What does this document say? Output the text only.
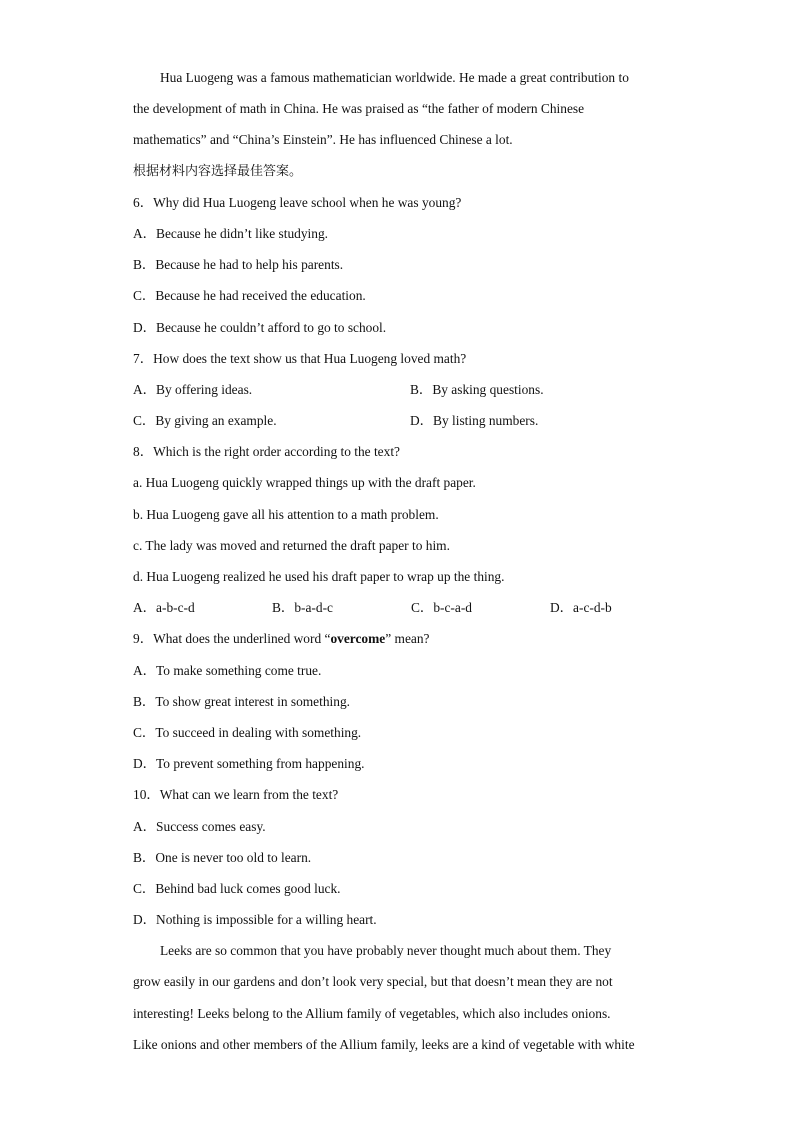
Hua Luogeng was a famous mathematician worldwide. He made a great contribution to
the development of math in China. He was praised as “the father of modern Chinese
mathematics” and “China’s Einstein”. He has influenced Chinese a lot.
根据材料内容选择最佳答案。
6．Why did Hua Luogeng leave school when he was young?
A．Because he didn’t like studying.
B．Because he had to help his parents.
C．Because he had received the education.
D．Because he couldn’t afford to go to school.
7．How does the text show us that Hua Luogeng loved math?
A．By offering ideas.	B．By asking questions.
C．By giving an example.	D．By listing numbers.
8．Which is the right order according to the text?
a. Hua Luogeng quickly wrapped things up with the draft paper.
b. Hua Luogeng gave all his attention to a math problem.
c. The lady was moved and returned the draft paper to him.
d. Hua Luogeng realized he used his draft paper to wrap up the thing.
A．a-b-c-d	B．b-a-d-c	C．b-c-a-d	D．a-c-d-b
9．What does the underlined word “overcome” mean?
A．To make something come true.
B．To show great interest in something.
C．To succeed in dealing with something.
D．To prevent something from happening.
10．What can we learn from the text?
A．Success comes easy.
B．One is never too old to learn.
C．Behind bad luck comes good luck.
D．Nothing is impossible for a willing heart.
Leeks are so common that you have probably never thought much about them. They
grow easily in our gardens and don’t look very special, but that doesn’t mean they are not
interesting! Leeks belong to the Allium family of vegetables, which also includes onions.
Like onions and other members of the Allium family, leeks are a kind of vegetable with white
